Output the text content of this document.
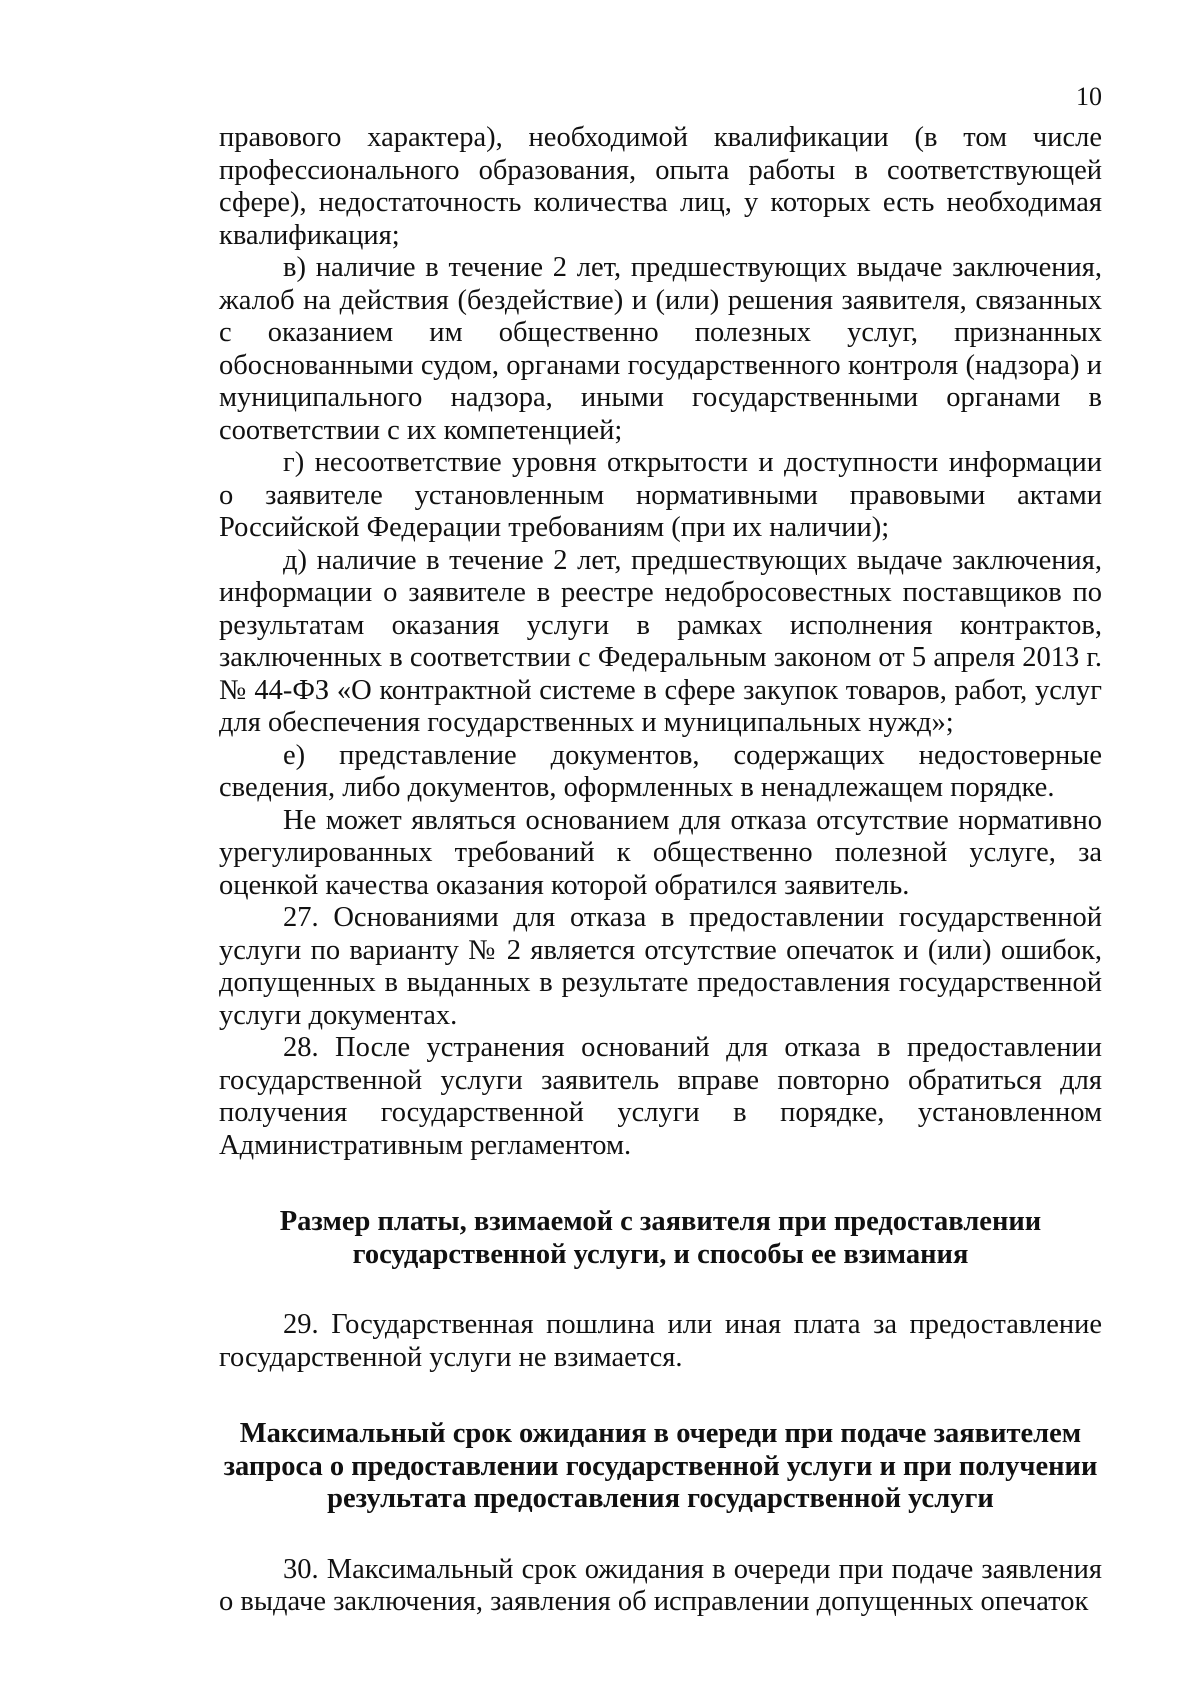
10

правового характера), необходимой квалификации (в том числе профессионального образования, опыта работы в соответствующей сфере), недостаточность количества лиц, у которых есть необходимая квалификация;

в) наличие в течение 2 лет, предшествующих выдаче заключения, жалоб на действия (бездействие) и (или) решения заявителя, связанных с оказанием им общественно полезных услуг, признанных обоснованными судом, органами государственного контроля (надзора) и муниципального надзора, иными государственными органами в соответствии с их компетенцией;

г) несоответствие уровня открытости и доступности информации о заявителе установленным нормативными правовыми актами Российской Федерации требованиям (при их наличии);

д) наличие в течение 2 лет, предшествующих выдаче заключения, информации о заявителе в реестре недобросовестных поставщиков по результатам оказания услуги в рамках исполнения контрактов, заключенных в соответствии с Федеральным законом от 5 апреля 2013 г. № 44-ФЗ «О контрактной системе в сфере закупок товаров, работ, услуг для обеспечения государственных и муниципальных нужд»;

е) представление документов, содержащих недостоверные сведения, либо документов, оформленных в ненадлежащем порядке.

Не может являться основанием для отказа отсутствие нормативно урегулированных требований к общественно полезной услуге, за оценкой качества оказания которой обратился заявитель.

27. Основаниями для отказа в предоставлении государственной услуги по варианту № 2 является отсутствие опечаток и (или) ошибок, допущенных в выданных в результате предоставления государственной услуги документах.

28. После устранения оснований для отказа в предоставлении государственной услуги заявитель вправе повторно обратиться для получения государственной услуги в порядке, установленном Административным регламентом.

Размер платы, взимаемой с заявителя при предоставлении государственной услуги, и способы ее взимания

29. Государственная пошлина или иная плата за предоставление государственной услуги не взимается.

Максимальный срок ожидания в очереди при подаче заявителем запроса о предоставлении государственной услуги и при получении результата предоставления государственной услуги

30. Максимальный срок ожидания в очереди при подаче заявления о выдаче заключения, заявления об исправлении допущенных опечаток
